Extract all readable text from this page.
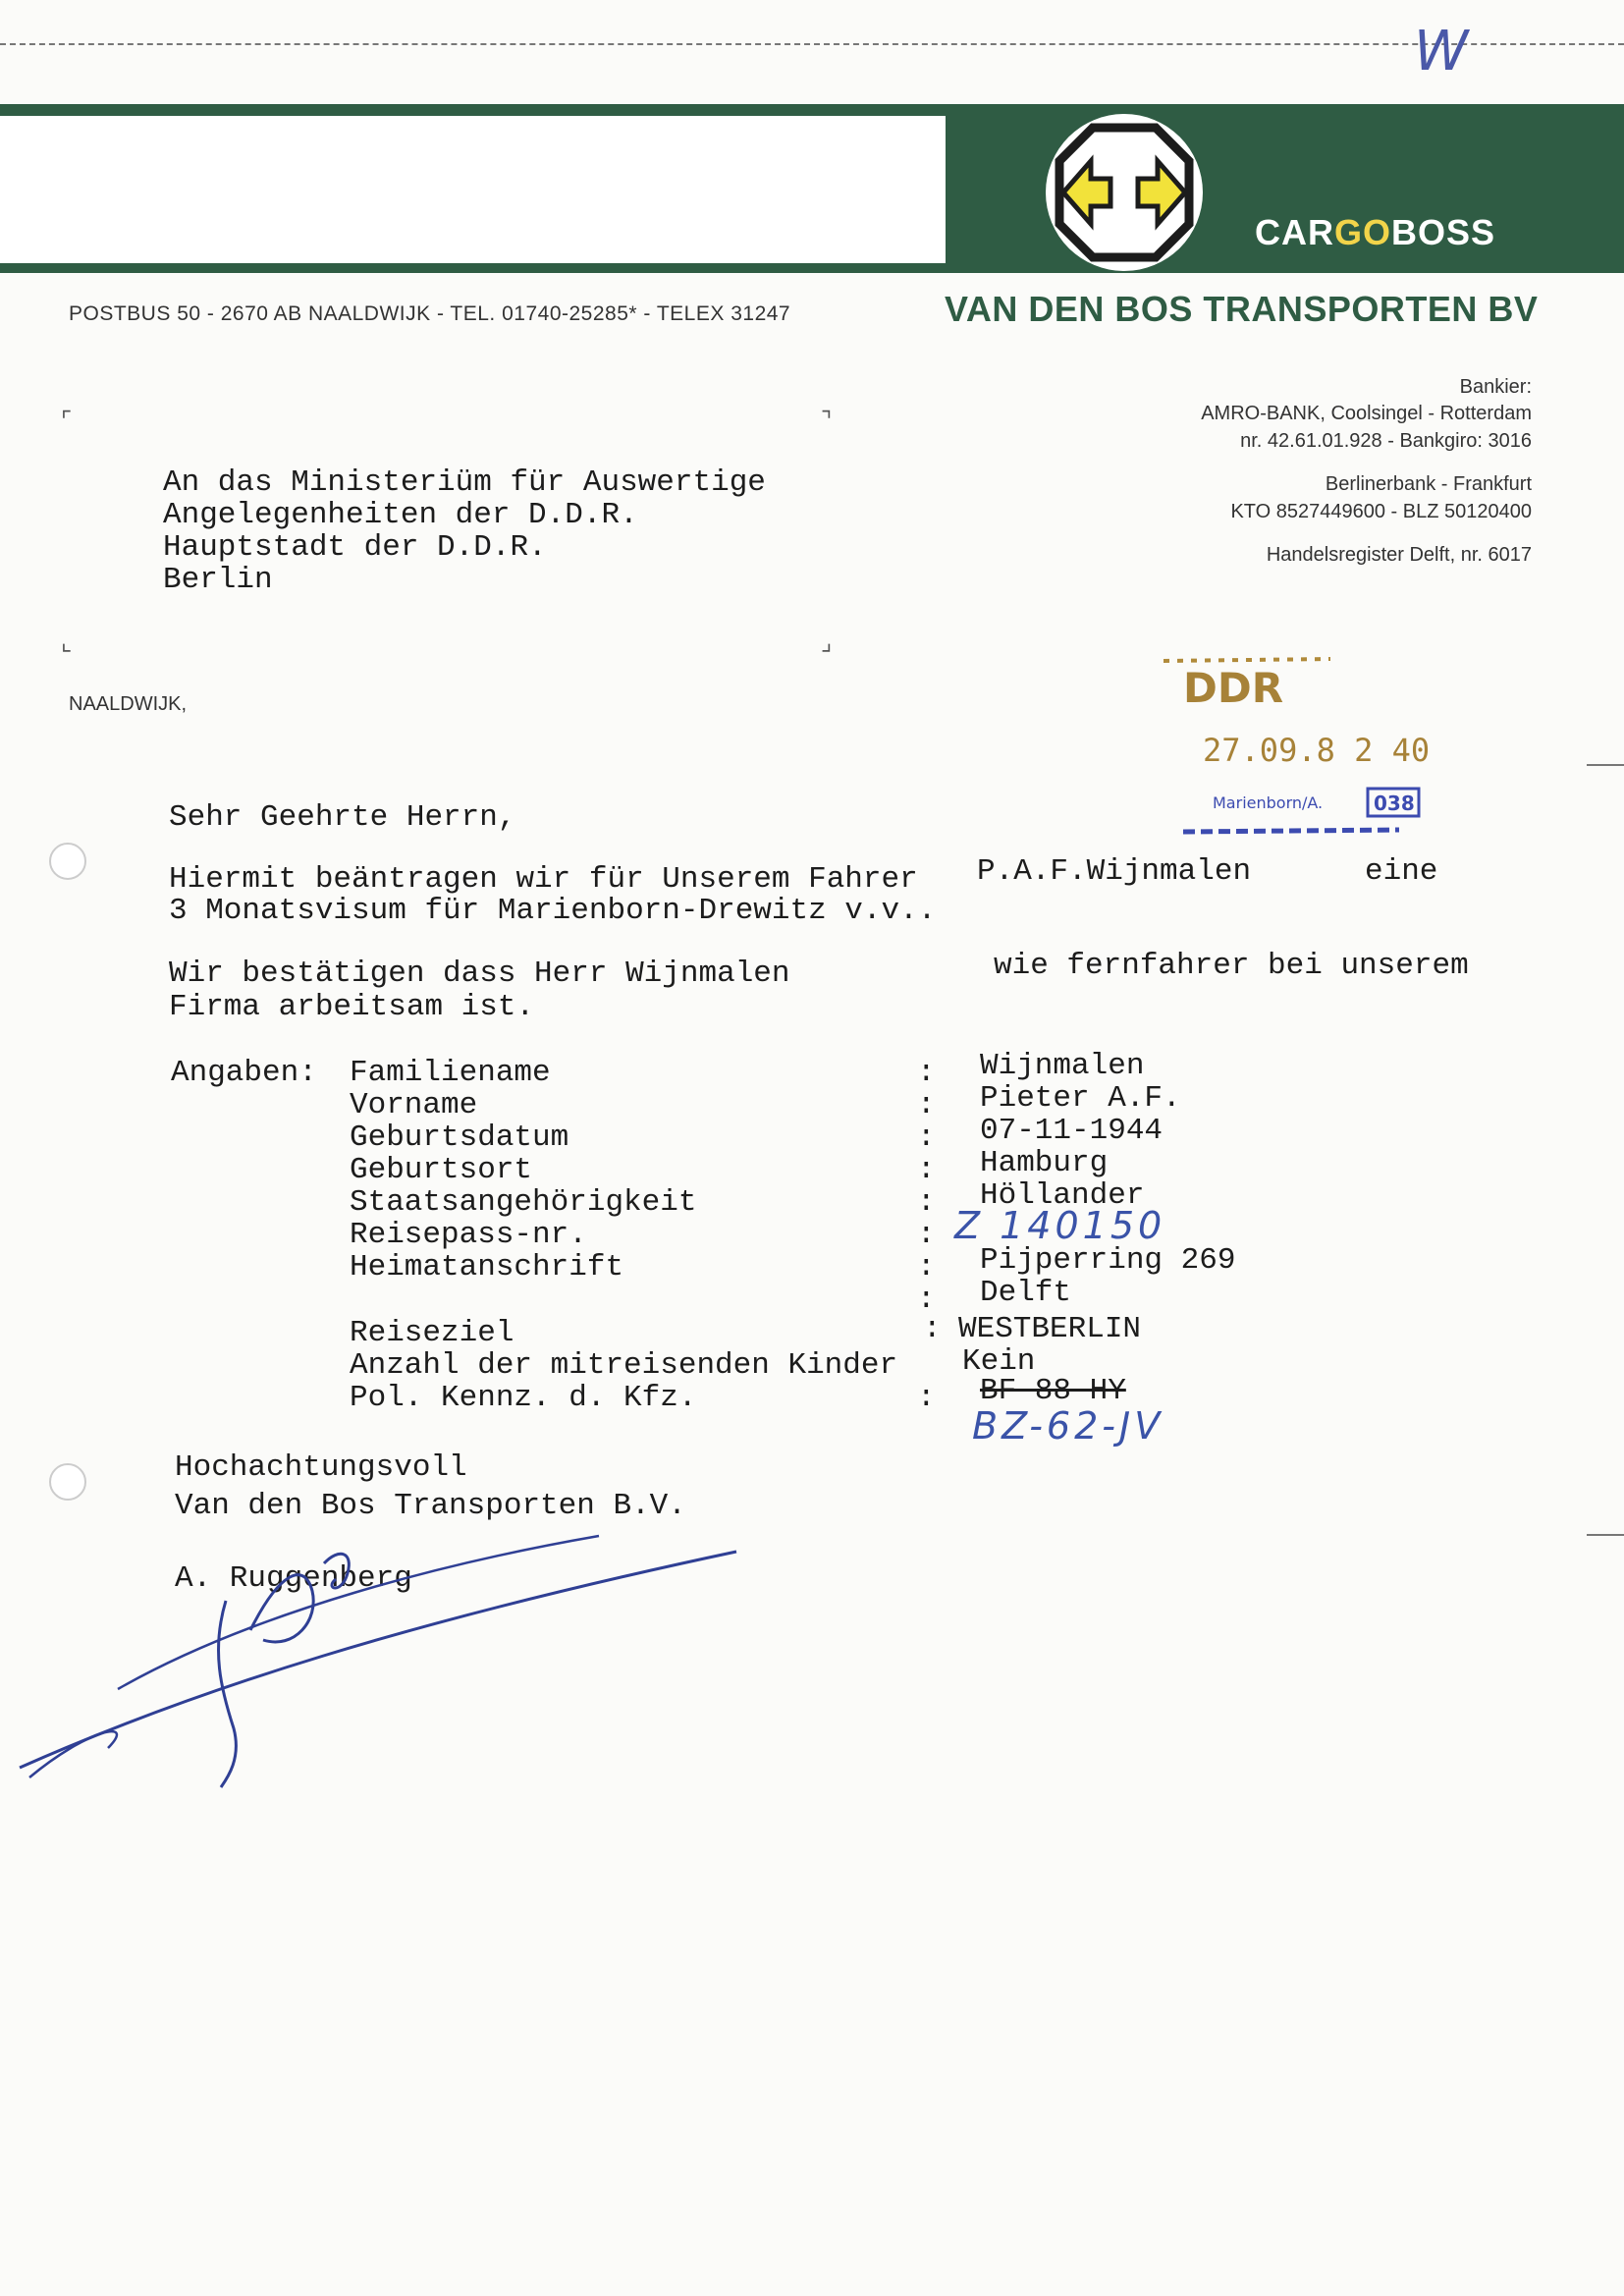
W
CARGOBOSS
POSTBUS 50 - 2670 AB NAALDWIJK - TEL. 01740-25285* - TELEX 31247	VAN DEN BOS TRANSPORTEN BV
Bankier:
AMRO-BANK, Coolsingel - Rotterdam
nr. 42.61.01.928 - Bankgiro: 3016
Berlinerbank - Frankfurt
KTO 8527449600 - BLZ 50120400
Handelsregister Delft, nr. 6017
⌜	⌝
⌞	⌟
An das Ministeriüm für Auswertige
Angelegenheiten der D.D.R.
Hauptstadt der D.D.R.
Berlin
NAALDWIJK,	DDR
27.09.8 2 40
Marienborn/A.	038
Sehr Geehrte Herrn,
Hiermit beäntragen wir für Unserem Fahrer P.A.F.Wijnmalen	eine
3 Monatsvisum für Marienborn-Drewitz v.v..
Wir bestätigen dass Herr Wijnmalen	wie fernfahrer bei unserem
Firma arbeitsam ist.
Angaben: Familiename	: Wijnmalen
Vorname	: Pieter A.F.
Geburtsdatum	: 07-11-1944
Geburtsort	: Hamburg
Staatsangehörigkeit	: Höllander
Reisepass-nr.	: Z 140150
Heimatanschrift	: Pijperring 269
: Delft
Reiseziel	: WESTBERLIN
Anzahl der mitreisenden Kinder Kein
Pol. Kennz. d. Kfz.	: BF-88-HY
BZ-62-JV
Hochachtungsvoll
Van den Bos Transporten B.V.
A. Ruggenberg
